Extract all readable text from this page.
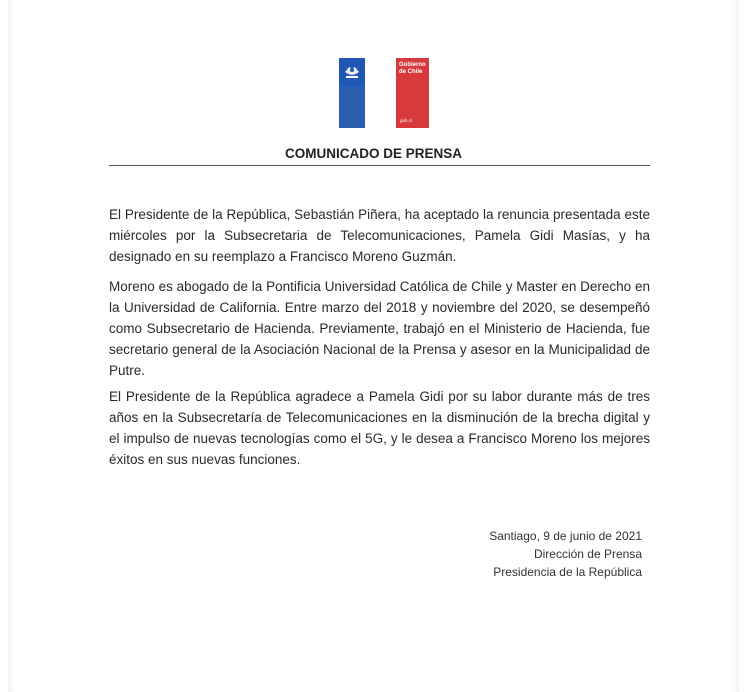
Gobierno
de Chile
gob.cl
COMUNICADO DE PRENSA

El Presidente de la República, Sebastián Piñera, ha aceptado la renuncia presentada este miércoles por la Subsecretaria de Telecomunicaciones, Pamela Gidi Masías, y ha designado en su reemplazo a Francisco Moreno Guzmán.

Moreno es abogado de la Pontificia Universidad Católica de Chile y Master en Derecho en la Universidad de California. Entre marzo del 2018 y noviembre del 2020, se desempeñó como Subsecretario de Hacienda. Previamente, trabajó en el Ministerio de Hacienda, fue secretario general de la Asociación Nacional de la Prensa y asesor en la Municipalidad de Putre.

El Presidente de la República agradece a Pamela Gidi por su labor durante más de tres años en la Subsecretaría de Telecomunicaciones en la disminución de la brecha digital y el impulso de nuevas tecnologías como el 5G, y le desea a Francisco Moreno los mejores éxitos en sus nuevas funciones.

Santiago, 9 de junio de 2021
Dirección de Prensa
Presidencia de la República
